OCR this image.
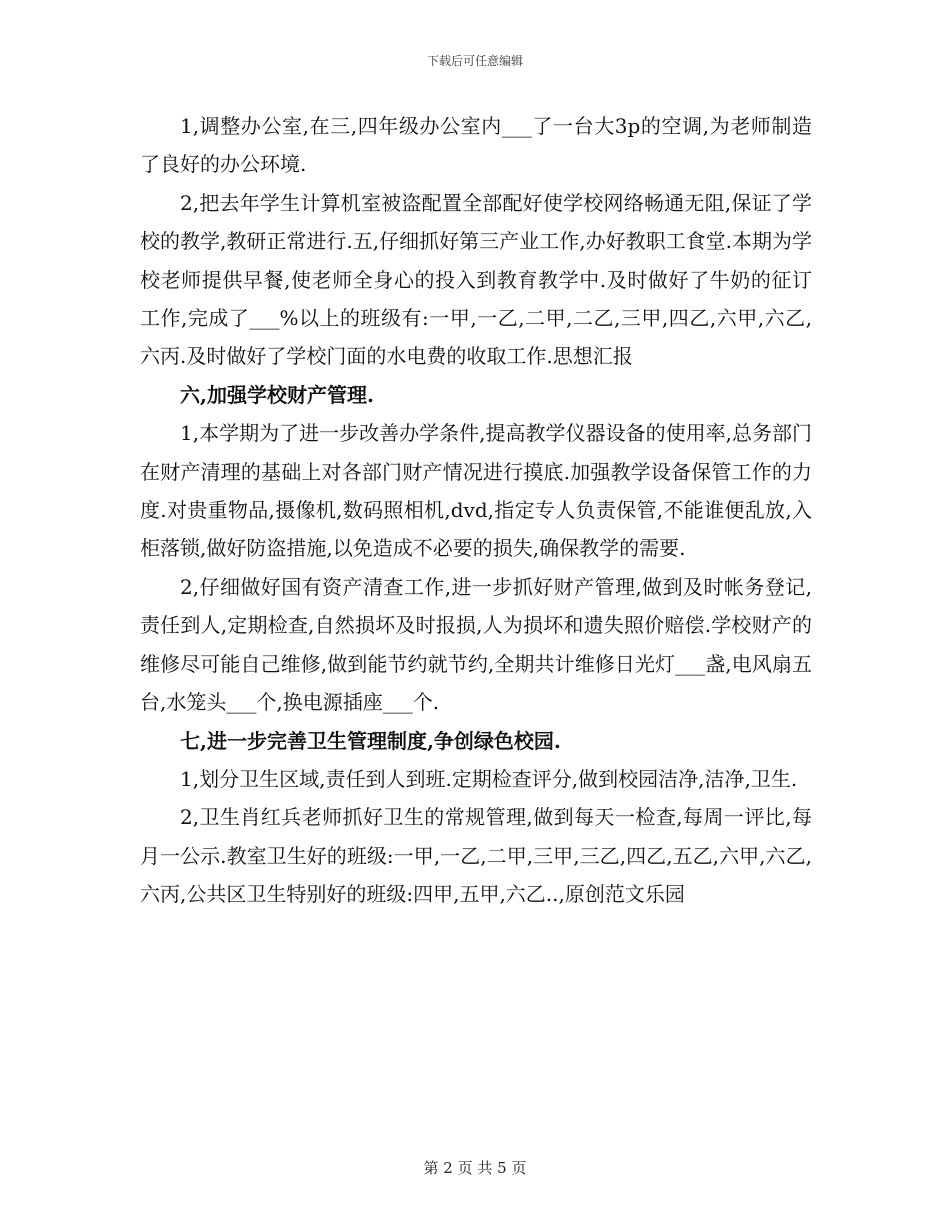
下载后可任意编辑

1,调整办公室,在三,四年级办公室内___了一台大3p的空调,为老师制造了良好的办公环境.

2,把去年学生计算机室被盗配置全部配好使学校网络畅通无阻,保证了学校的教学,教研正常进行.五,仔细抓好第三产业工作,办好教职工食堂.本期为学校老师提供早餐,使老师全身心的投入到教育教学中.及时做好了牛奶的征订工作,完成了___%以上的班级有:一甲,一乙,二甲,二乙,三甲,四乙,六甲,六乙,六丙.及时做好了学校门面的水电费的收取工作.思想汇报

六,加强学校财产管理.

1,本学期为了进一步改善办学条件,提高教学仪器设备的使用率,总务部门在财产清理的基础上对各部门财产情况进行摸底.加强教学设备保管工作的力度.对贵重物品,摄像机,数码照相机,dvd,指定专人负责保管,不能谁便乱放,入柜落锁,做好防盗措施,以免造成不必要的损失,确保教学的需要.

2,仔细做好国有资产清查工作,进一步抓好财产管理,做到及时帐务登记,责任到人,定期检查,自然损坏及时报损,人为损坏和遗失照价赔偿.学校财产的维修尽可能自己维修,做到能节约就节约,全期共计维修日光灯___盏,电风扇五台,水笼头___个,换电源插座___个.

七,进一步完善卫生管理制度,争创绿色校园.

1,划分卫生区域,责任到人到班.定期检查评分,做到校园洁净,洁净,卫生.

2,卫生肖红兵老师抓好卫生的常规管理,做到每天一检查,每周一评比,每月一公示.教室卫生好的班级:一甲,一乙,二甲,三甲,三乙,四乙,五乙,六甲,六乙,六丙,公共区卫生特别好的班级:四甲,五甲,六乙..,原创范文乐园

第 2 页 共 5 页
